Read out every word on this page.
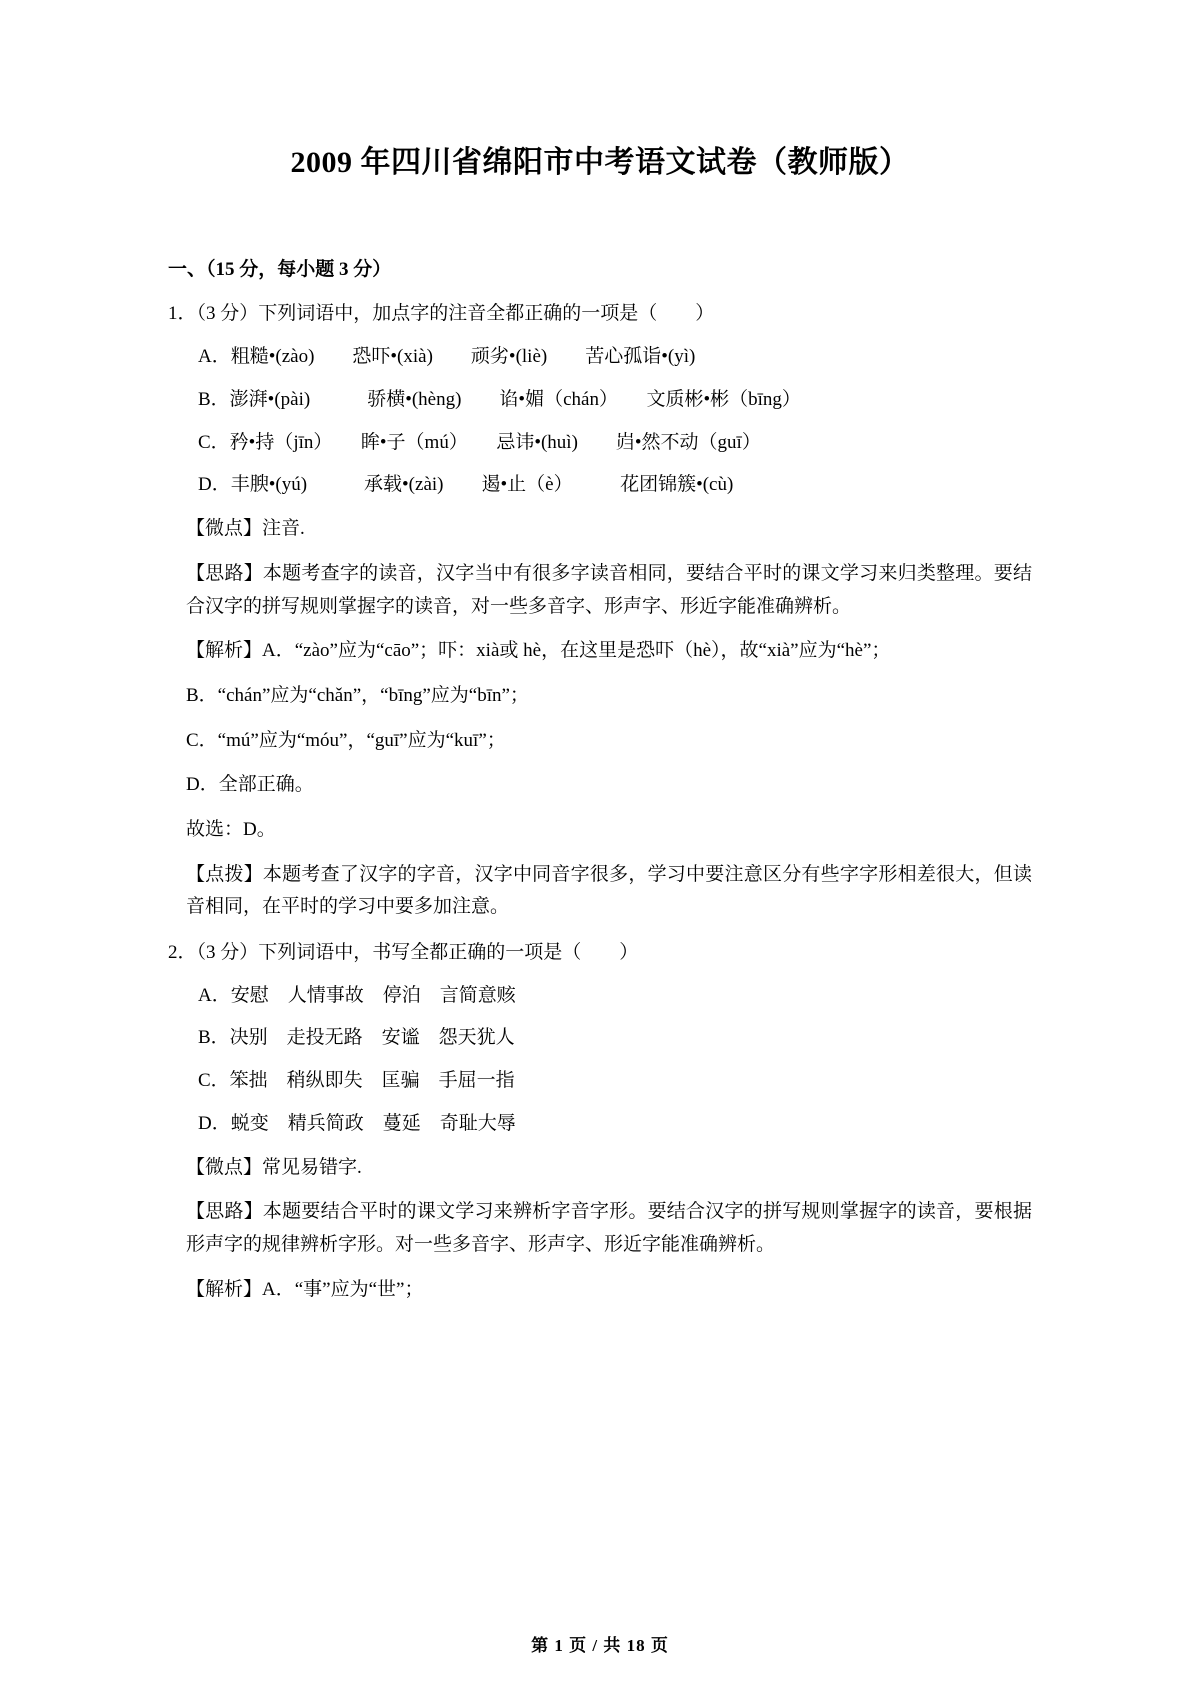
2009 年四川省绵阳市中考语文试卷（教师版）
一、（15 分，每小题 3 分）
1．（3 分）下列词语中，加点字的注音全都正确的一项是（　　）
A．粗糙•(zào)　　恐吓•(xià)　　顽劣•(liè)　　苦心孤诣•(yì)
B．澎湃•(pài)　　　骄横•(hèng)　　谄•媚（chán）　　文质彬•彬（bīng）
C．矜•持（jīn）　　眸•子（mú）　　忌讳•(huì)　　岿•然不动（guī）
D．丰腴•(yú)　　　承载•(zài)　　遏•止（è）　　　花团锦簇•(cù)
【微点】注音.
【思路】本题考查字的读音，汉字当中有很多字读音相同，要结合平时的课文学习来归类整理。要结合汉字的拼写规则掌握字的读音，对一些多音字、形声字、形近字能准确辨析。
【解析】A．“zào”应为“cāo”；吓：xià或 hè，在这里是恐吓（hè），故“xià”应为“hè”；
B．“chán”应为“chǎn”，“bīng”应为“bīn”；
C．“mú”应为“móu”，“guī”应为“kuī”；
D．全部正确。
故选：D。
【点拨】本题考查了汉字的字音，汉字中同音字很多，学习中要注意区分有些字字形相差很大，但读音相同，在平时的学习中要多加注意。
2．（3 分）下列词语中，书写全都正确的一项是（　　）
A．安慰　人情事故　停泊　言简意赅
B．决别　走投无路　安谧　怨天犹人
C．笨拙　稍纵即失　匡骗　手屈一指
D．蜕变　精兵简政　蔓延　奇耻大辱
【微点】常见易错字.
【思路】本题要结合平时的课文学习来辨析字音字形。要结合汉字的拼写规则掌握字的读音，要根据形声字的规律辨析字形。对一些多音字、形声字、形近字能准确辨析。
【解析】A．“事”应为“世”；
第 1 页 / 共 18 页
